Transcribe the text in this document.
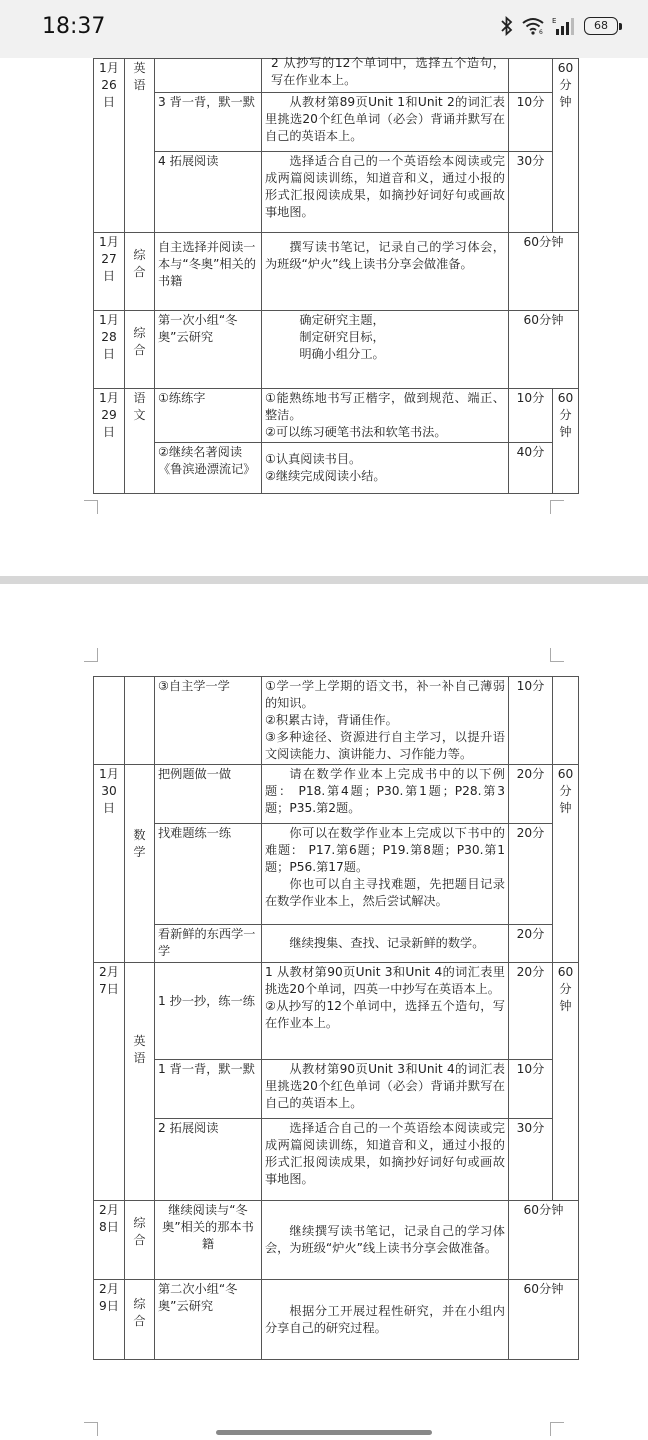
18:37	6
E	68
1月26日	英语		2 从抄写的12个单词中，选择五个造句，写在作业本上。		60分钟
		3 背一背，默一默	从教材第89页Unit 1和Unit 2的词汇表里挑选20个红色单词（必会）背诵并默写在自己的英语本上。	10分	
		4 拓展阅读	选择适合自己的一个英语绘本阅读或完成两篇阅读训练，知道音和义，通过小报的形式汇报阅读成果，如摘抄好词好句或画故事地图。	30分	
1月27日	综合	自主选择并阅读一本与“冬奥”相关的书籍	撰写读书笔记，记录自己的学习体会，为班级“炉火”线上读书分享会做准备。	60分钟	
1月28日	综合	第一次小组“冬奥”云研究	确定研究主题，
制定研究目标，
明确小组分工。	60分钟	
1月29日	语文	①练练字	①能熟练地书写正楷字，做到规范、端正、整洁。
②可以练习硬笔书法和软笔书法。	10分	60分钟
		②继续名著阅读《鲁滨逊漂流记》	①认真阅读书目。
②继续完成阅读小结。	40分	
		③自主学一学	①学一学上学期的语文书，补一补自己薄弱的知识。
②积累古诗，背诵佳作。
③多种途径、资源进行自主学习，以提升语文阅读能力、演讲能力、习作能力等。	10分	
1月30日	数学	把例题做一做	请在数学作业本上完成书中的以下例题： P18.第4题；P30.第1题；P28.第3题；P35.第2题。	20分	60分钟
		找难题练一练	你可以在数学作业本上完成以下书中的难题： P17.第6题；P19.第8题；P30.第1题；P56.第17题。
你也可以自主寻找难题，先把题目记录在数学作业本上，然后尝试解决。	20分	
		看新鲜的东西学一学	继续搜集、查找、记录新鲜的数学。	20分	
2月7日	英语	1 抄一抄，练一练	1 从教材第90页Unit 3和Unit 4的词汇表里挑选20个单词，四英一中抄写在英语本上。
②从抄写的12个单词中，选择五个造句，写在作业本上。	20分	60分钟
		1 背一背，默一默	从教材第90页Unit 3和Unit 4的词汇表里挑选20个红色单词（必会）背诵并默写在自己的英语本上。	10分	
		2 拓展阅读	选择适合自己的一个英语绘本阅读或完成两篇阅读训练，知道音和义，通过小报的形式汇报阅读成果，如摘抄好词好句或画故事地图。	30分	
2月8日	综合	继续阅读与“冬奥”相关的那本书籍	继续撰写读书笔记，记录自己的学习体会，为班级“炉火”线上读书分享会做准备。	60分钟	
2月9日	综合	第二次小组“冬奥”云研究	根据分工开展过程性研究，并在小组内分享自己的研究过程。	60分钟	
